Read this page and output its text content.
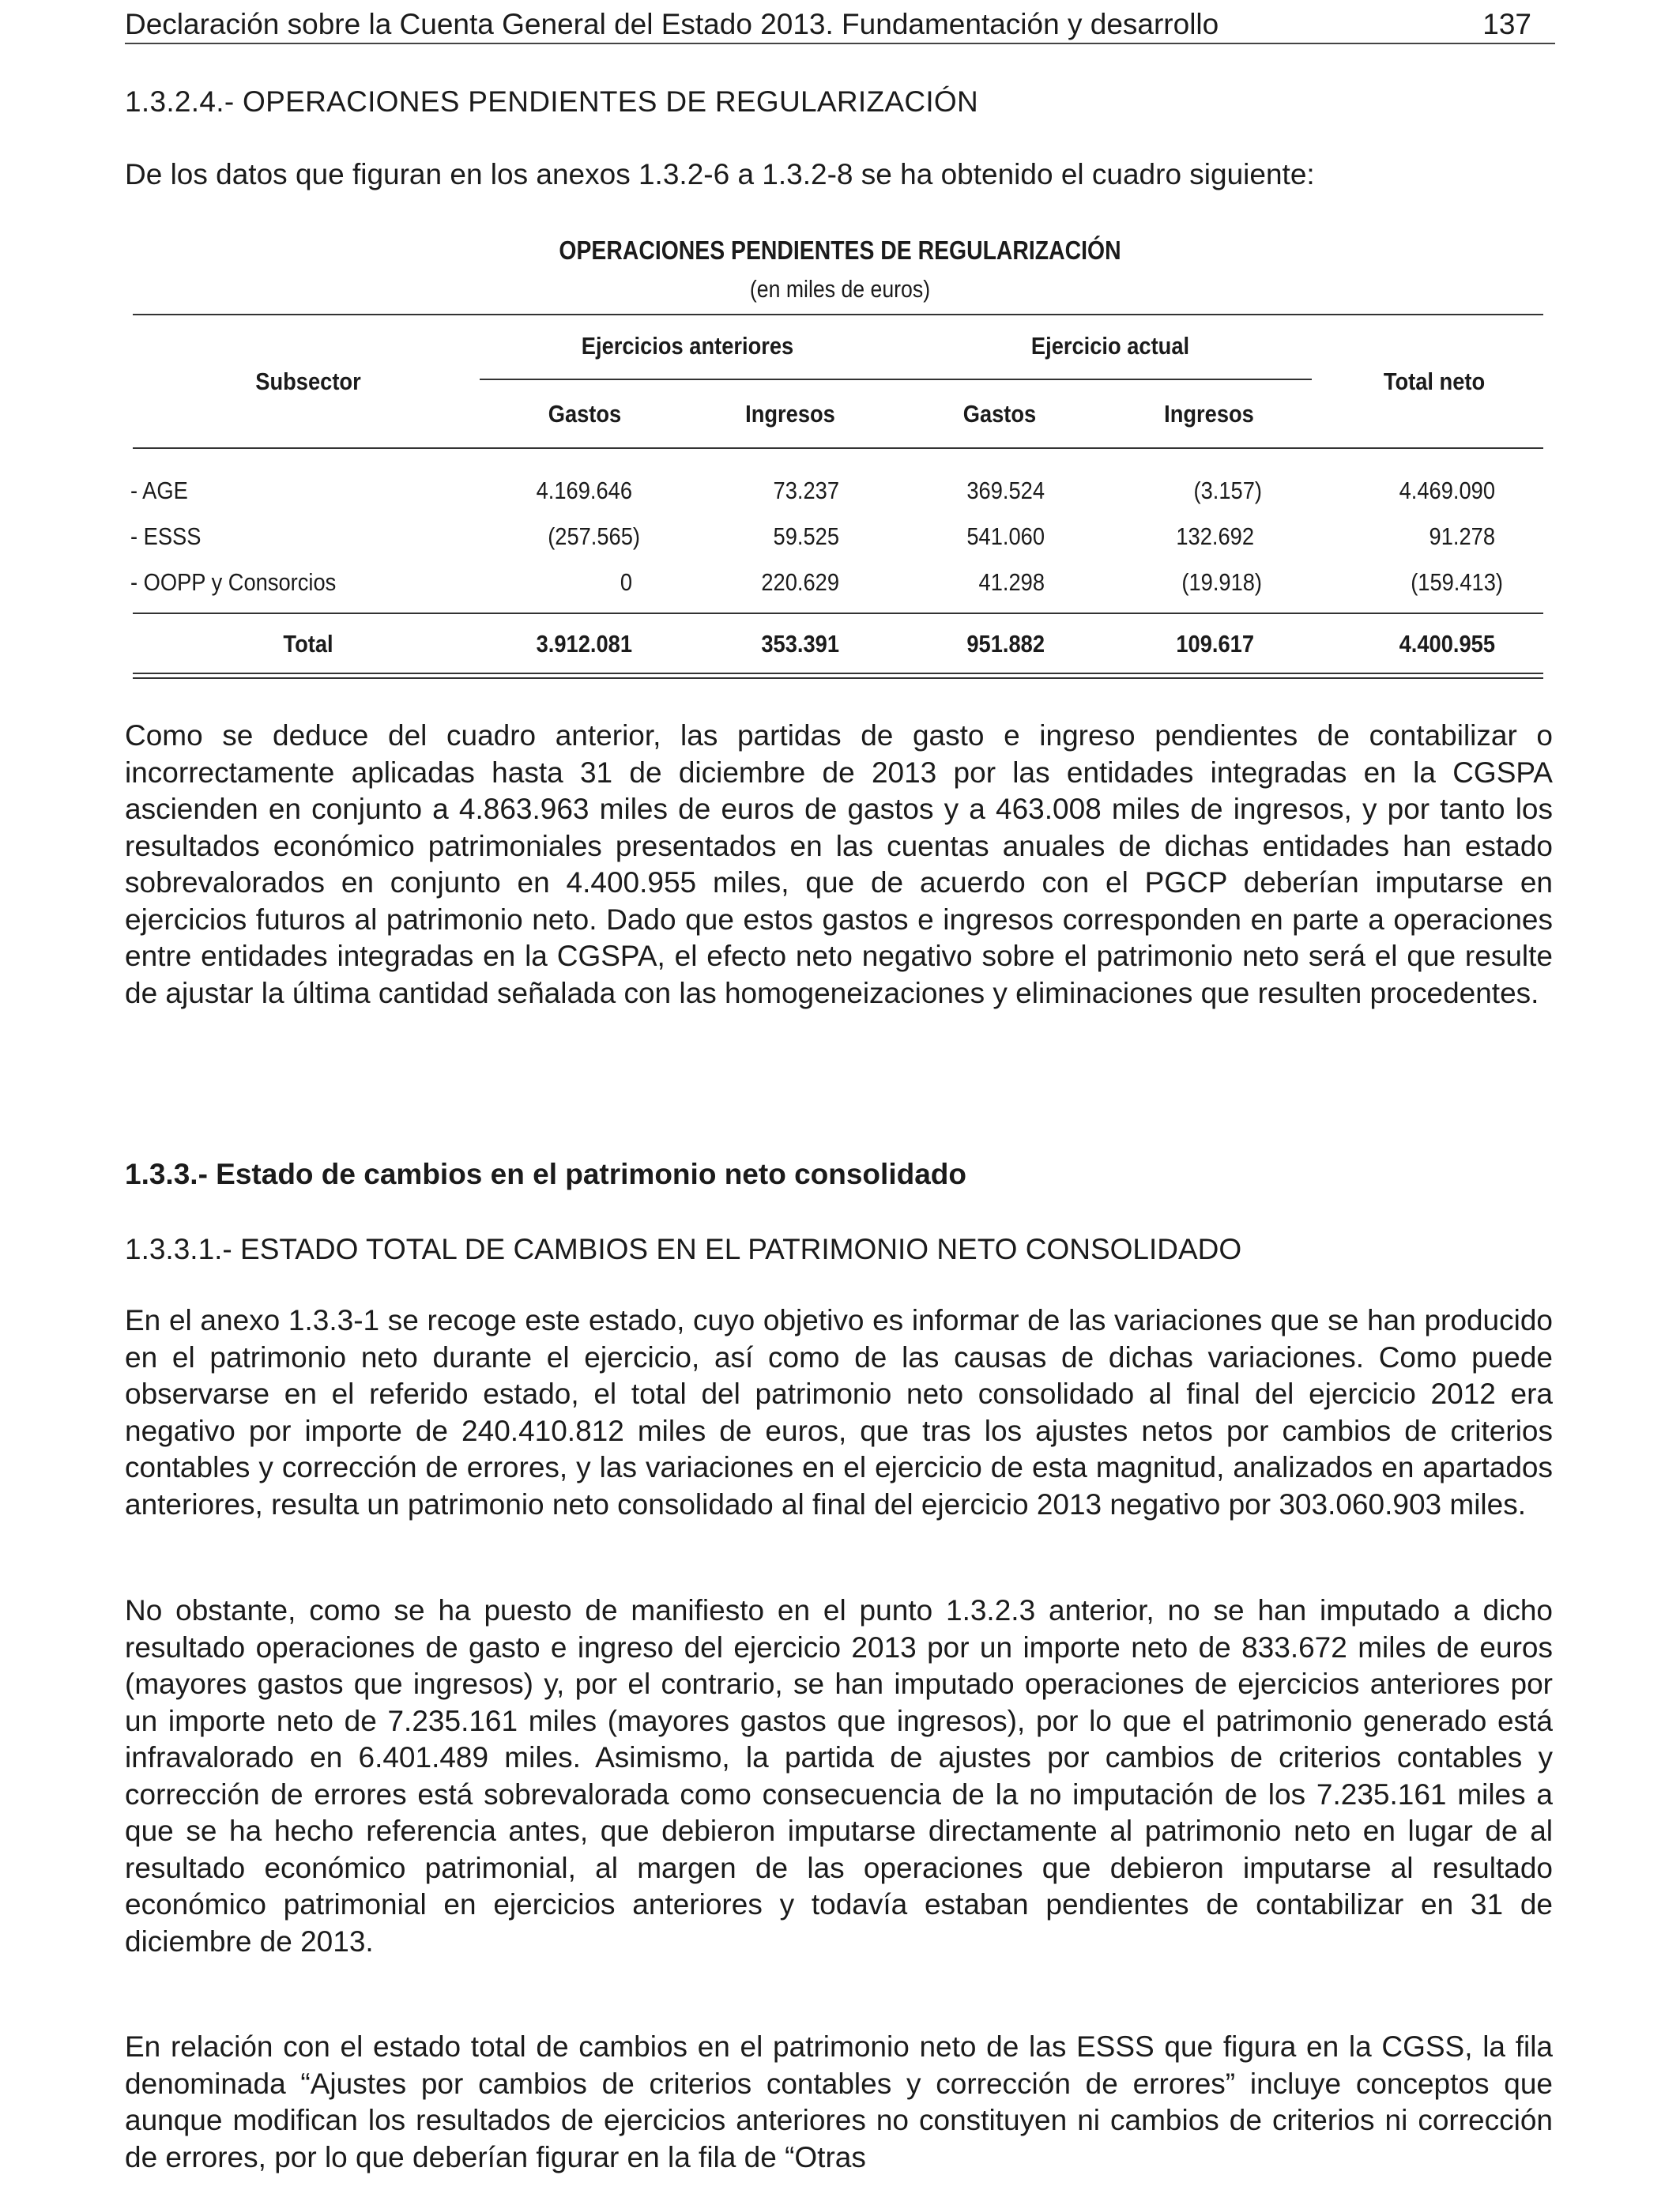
Declaración sobre la Cuenta General del Estado 2013. Fundamentación y desarrollo	137
1.3.2.4.- OPERACIONES PENDIENTES DE REGULARIZACIÓN
De los datos que figuran en los anexos 1.3.2-6 a 1.3.2-8 se ha obtenido el cuadro siguiente:
OPERACIONES PENDIENTES DE REGULARIZACIÓN
(en miles de euros)
Subsector
Ejercicios anteriores	Ejercicio actual
Total neto
Gastos	Ingresos	Gastos	Ingresos
- AGE	4.169.646	73.237	369.524	(3.157)	4.469.090
- ESSS	(257.565)	59.525	541.060	132.692	91.278
- OOPP y Consorcios	0	220.629	41.298	(19.918)	(159.413)
Total	3.912.081	353.391	951.882	109.617	4.400.955

Como se deduce del cuadro anterior, las partidas de gasto e ingreso pendientes de contabilizar o incorrectamente aplicadas hasta 31 de diciembre de 2013 por las entidades integradas en la CGSPA ascienden en conjunto a 4.863.963 miles de euros de gastos y a 463.008 miles de ingresos, y por tanto los resultados económico patrimoniales presentados en las cuentas anuales de dichas entidades han estado sobrevalorados en conjunto en 4.400.955 miles, que de acuerdo con el PGCP deberían imputarse en ejercicios futuros al patrimonio neto. Dado que estos gastos e ingresos corresponden en parte a operaciones entre entidades integradas en la CGSPA, el efecto neto negativo sobre el patrimonio neto será el que resulte de ajustar la última cantidad señalada con las homogeneizaciones y eliminaciones que resulten procedentes.

1.3.3.- Estado de cambios en el patrimonio neto consolidado
1.3.3.1.- ESTADO TOTAL DE CAMBIOS EN EL PATRIMONIO NETO CONSOLIDADO

En el anexo 1.3.3-1 se recoge este estado, cuyo objetivo es informar de las variaciones que se han producido en el patrimonio neto durante el ejercicio, así como de las causas de dichas variaciones. Como puede observarse en el referido estado, el total del patrimonio neto consolidado al final del ejercicio 2012 era negativo por importe de 240.410.812 miles de euros, que tras los ajustes netos por cambios de criterios contables y corrección de errores, y las variaciones en el ejercicio de esta magnitud, analizados en apartados anteriores, resulta un patrimonio neto consolidado al final del ejercicio 2013 negativo por 303.060.903 miles.

No obstante, como se ha puesto de manifiesto en el punto 1.3.2.3 anterior, no se han imputado a dicho resultado operaciones de gasto e ingreso del ejercicio 2013 por un importe neto de 833.672 miles de euros (mayores gastos que ingresos) y, por el contrario, se han imputado operaciones de ejercicios anteriores por un importe neto de 7.235.161 miles (mayores gastos que ingresos), por lo que el patrimonio generado está infravalorado en 6.401.489 miles. Asimismo, la partida de ajustes por cambios de criterios contables y corrección de errores está sobrevalorada como consecuencia de la no imputación de los 7.235.161 miles a que se ha hecho referencia antes, que debieron imputarse directamente al patrimonio neto en lugar de al resultado económico patrimonial, al margen de las operaciones que debieron imputarse al resultado económico patrimonial en ejercicios anteriores y todavía estaban pendientes de contabilizar en 31 de diciembre de 2013.

En relación con el estado total de cambios en el patrimonio neto de las ESSS que figura en la CGSS, la fila denominada “Ajustes por cambios de criterios contables y corrección de errores” incluye conceptos que aunque modifican los resultados de ejercicios anteriores no constituyen ni cambios de criterios ni corrección de errores, por lo que deberían figurar en la fila de “Otras
